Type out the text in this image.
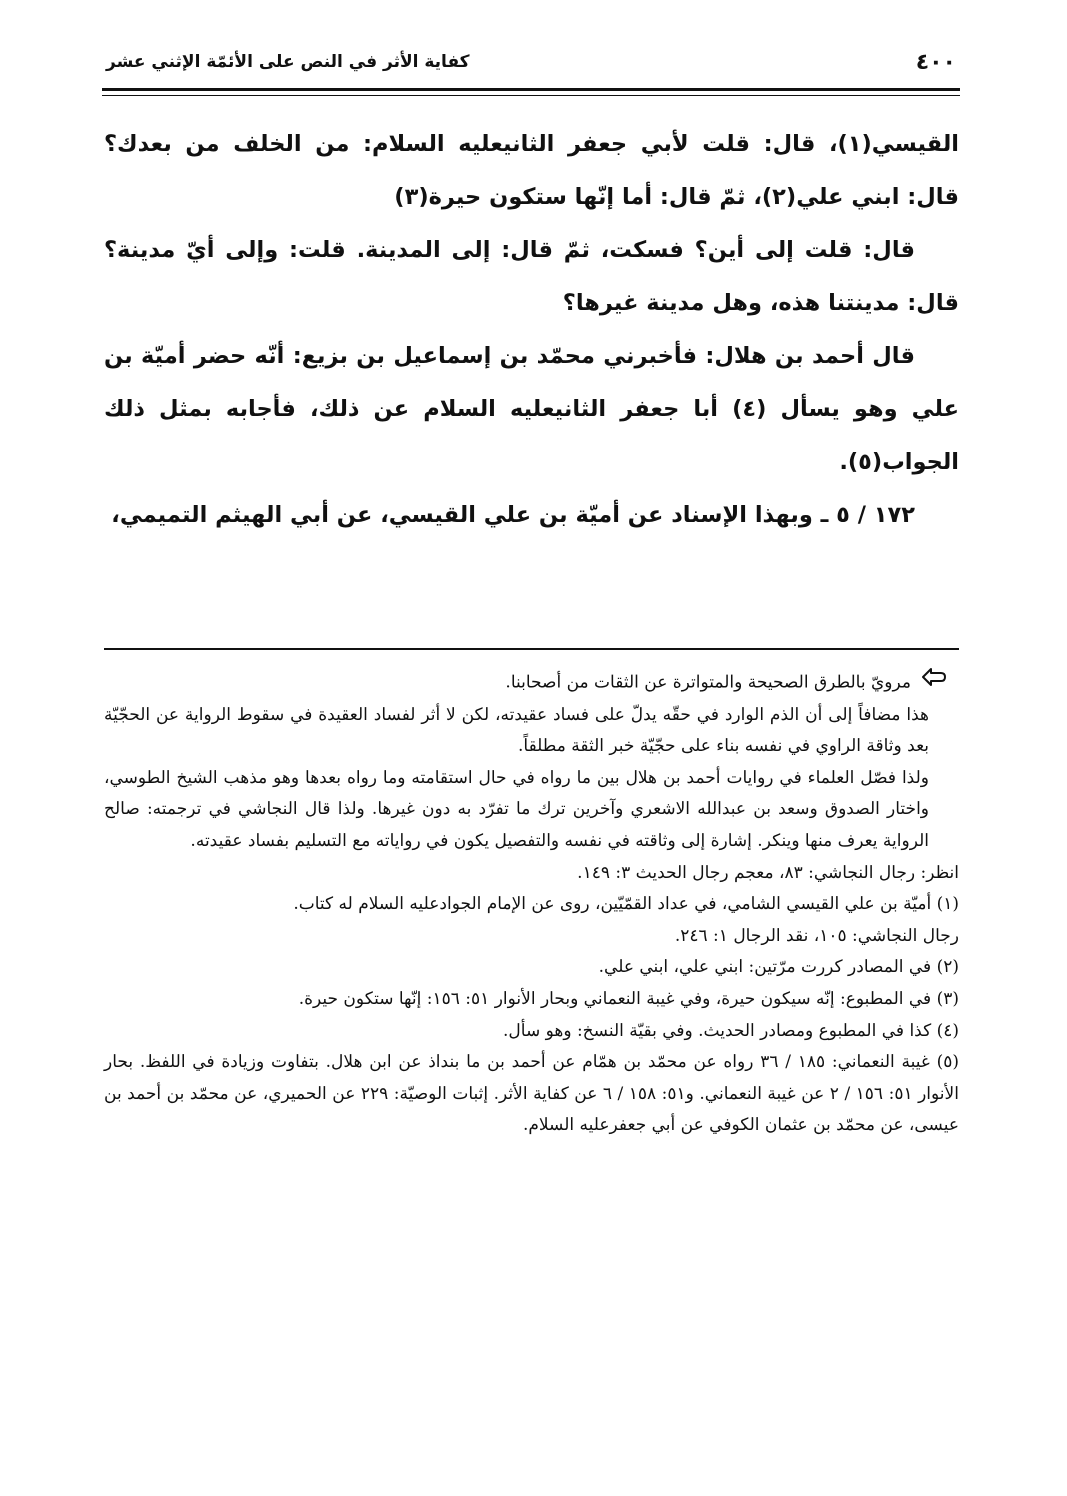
٤٠٠
كفاية الأثر في النص على الأئمّة الإثني عشر

القيسي(١)، قال: قلت لأبي جعفر الثانيعليه السلام: من الخلف من بعدك؟ قال: ابني علي(٢)، ثمّ قال: أما إنّها ستكون حيرة(٣)

قال: قلت إلى أين؟ فسكت، ثمّ قال: إلى المدينة. قلت: وإلى أيّ مدينة؟ قال: مدينتنا هذه، وهل مدينة غيرها؟

قال أحمد بن هلال: فأخبرني محمّد بن إسماعيل بن بزيع: أنّه حضر أميّة بن علي وهو يسأل (٤) أبا جعفر الثانيعليه السلام عن ذلك، فأجابه بمثل ذلك الجواب(٥).

١٧٢ / ٥ ـ وبهذا الإسناد عن أميّة بن علي القيسي، عن أبي الهيثم التميمي،

مرويّ بالطرق الصحيحة والمتواترة عن الثقات من أصحابنا.

هذا مضافاً إلى أن الذم الوارد في حقّه يدلّ على فساد عقيدته، لكن لا أثر لفساد العقيدة في سقوط الرواية عن الحجّيّة بعد وثاقة الراوي في نفسه بناء على حجّيّة خبر الثقة مطلقاً.

ولذا فصّل العلماء في روايات أحمد بن هلال بين ما رواه في حال استقامته وما رواه بعدها وهو مذهب الشيخ الطوسي، واختار الصدوق وسعد بن عبدالله الاشعري وآخرين ترك ما تفرّد به دون غيرها. ولذا قال النجاشي في ترجمته: صالح الرواية يعرف منها وينكر. إشارة إلى وثاقته في نفسه والتفصيل يكون في رواياته مع التسليم بفساد عقيدته.

انظر: رجال النجاشي: ٨٣، معجم رجال الحديث ٣: ١٤٩.

(١) أميّة بن علي القيسي الشامي، في عداد القمّيّين، روى عن الإمام الجوادعليه السلام له كتاب.

رجال النجاشي: ١٠٥، نقد الرجال ١: ٢٤٦.

(٢) في المصادر كررت مرّتين: ابني علي، ابني علي.

(٣) في المطبوع: إنّه سيكون حيرة، وفي غيبة النعماني وبحار الأنوار ٥١: ١٥٦: إنّها ستكون حيرة.

(٤) كذا في المطبوع ومصادر الحديث. وفي بقيّة النسخ: وهو سأل.

(٥) غيبة النعماني: ١٨٥ / ٣٦ رواه عن محمّد بن همّام عن أحمد بن ما بنداذ عن ابن هلال. بتفاوت وزيادة في اللفظ. بحار الأنوار ٥١: ١٥٦ / ٢ عن غيبة النعماني. و٥١: ١٥٨ / ٦ عن كفاية الأثر. إثبات الوصيّة: ٢٢٩ عن الحميري، عن محمّد بن أحمد بن عيسى، عن محمّد بن عثمان الكوفي عن أبي جعفرعليه السلام.
